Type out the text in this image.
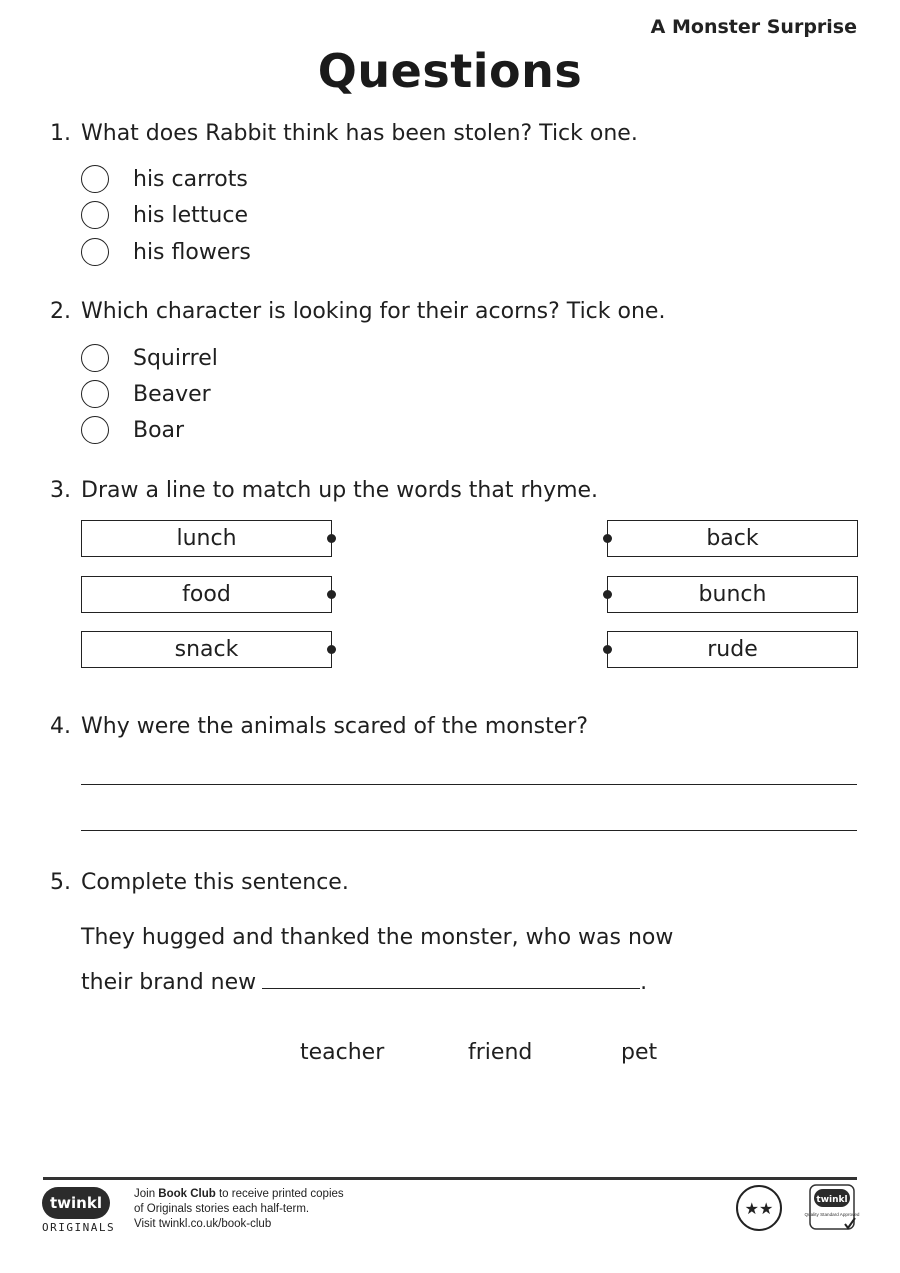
A Monster Surprise
Questions
1. What does Rabbit think has been stolen? Tick one.
his carrots
his lettuce
his flowers
2. Which character is looking for their acorns? Tick one.
Squirrel
Beaver
Boar
3. Draw a line to match up the words that rhyme.
lunch
food
snack
back
bunch
rude
4. Why were the animals scared of the monster?
5. Complete this sentence.
They hugged and thanked the monster, who was now
their brand new	.
teacher	friend	pet
twinkl
ORIGINALS
Join Book Club to receive printed copies
of Originals stories each half-term.
Visit twinkl.co.uk/book-club
★★	twinkl
Quality Standard Approved
